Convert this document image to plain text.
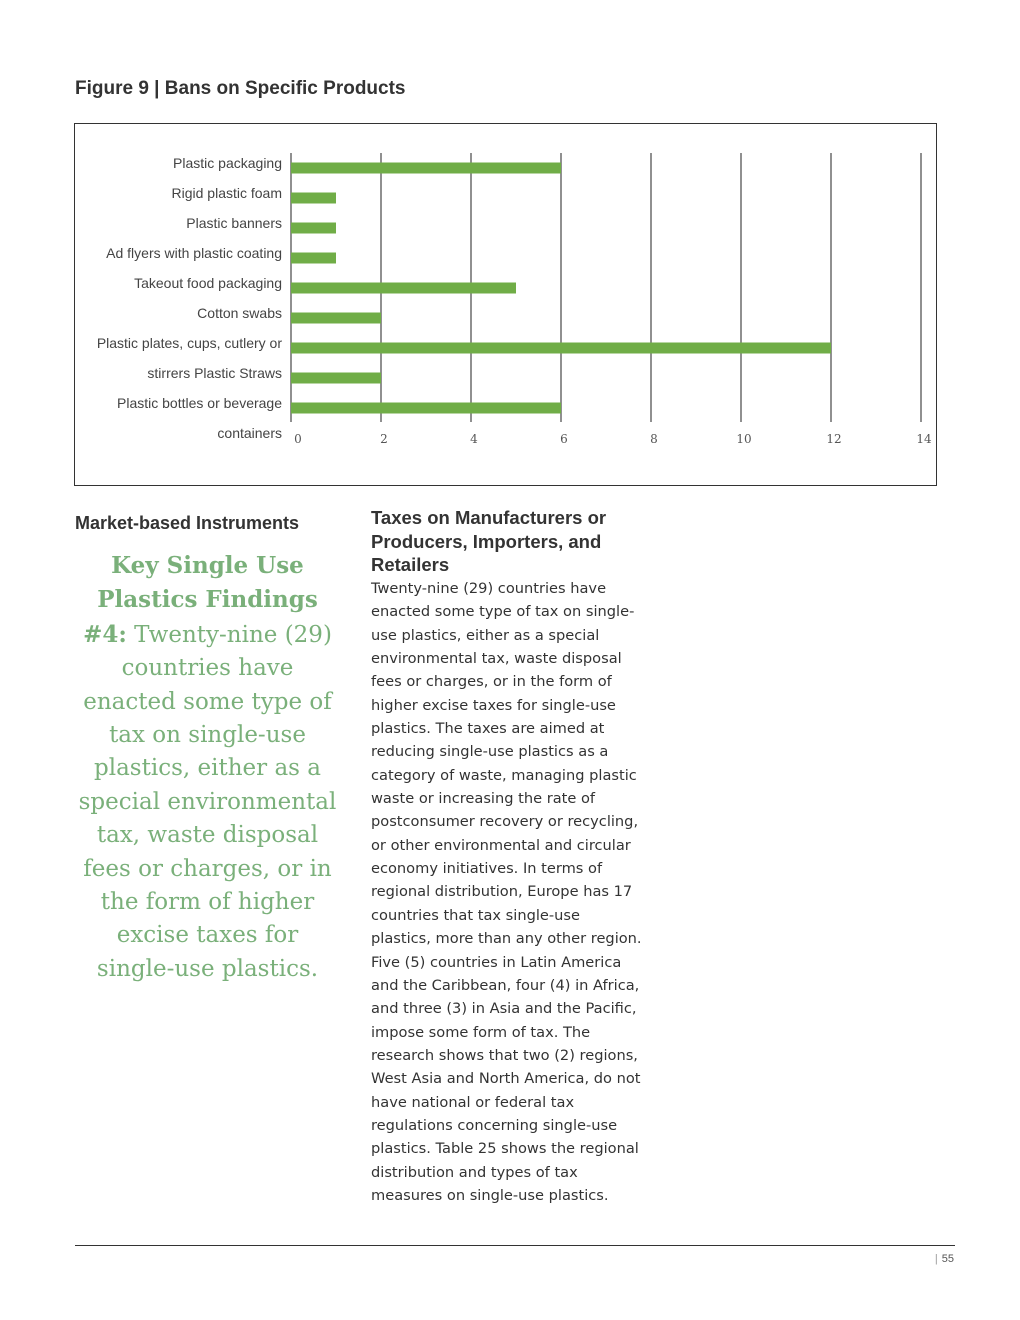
Figure 9 | Bans on Specific Products
Plastic packaging
Rigid plastic foam
Plastic banners
Ad flyers with plastic coating
Takeout food packaging
Cotton swabs
Plastic plates, cups, cutlery or
stirrers Plastic Straws
Plastic bottles or beverage
containers 0	2	4	6	8	10	12	14
Market-based Instruments
Key Single Use Plastics Findings #4: Twenty-nine (29) countries have enacted some type of tax on single-use plastics, either as a special environmental tax, waste disposal fees or charges, or in the form of higher excise taxes for single-use plastics.
Taxes on Manufacturers or Producers, Importers, and Retailers
Twenty-nine (29) countries have enacted some type of tax on single-use plastics, either as a special environmental tax, waste disposal fees or charges, or in the form of higher excise taxes for single-use plastics. The taxes are aimed at reducing single-use plastics as a category of waste, managing plastic waste or increasing the rate of postconsumer recovery or recycling, or other environmental and circular economy initiatives. In terms of regional distribution, Europe has 17 countries that tax single-use plastics, more than any other region. Five (5) countries in Latin America and the Caribbean, four (4) in Africa, and three (3) in Asia and the Pacific, impose some form of tax. The research shows that two (2) regions, West Asia and North America, do not have national or federal tax regulations concerning single-use plastics. Table 25 shows the regional distribution and types of tax measures on single-use plastics.
| 55
